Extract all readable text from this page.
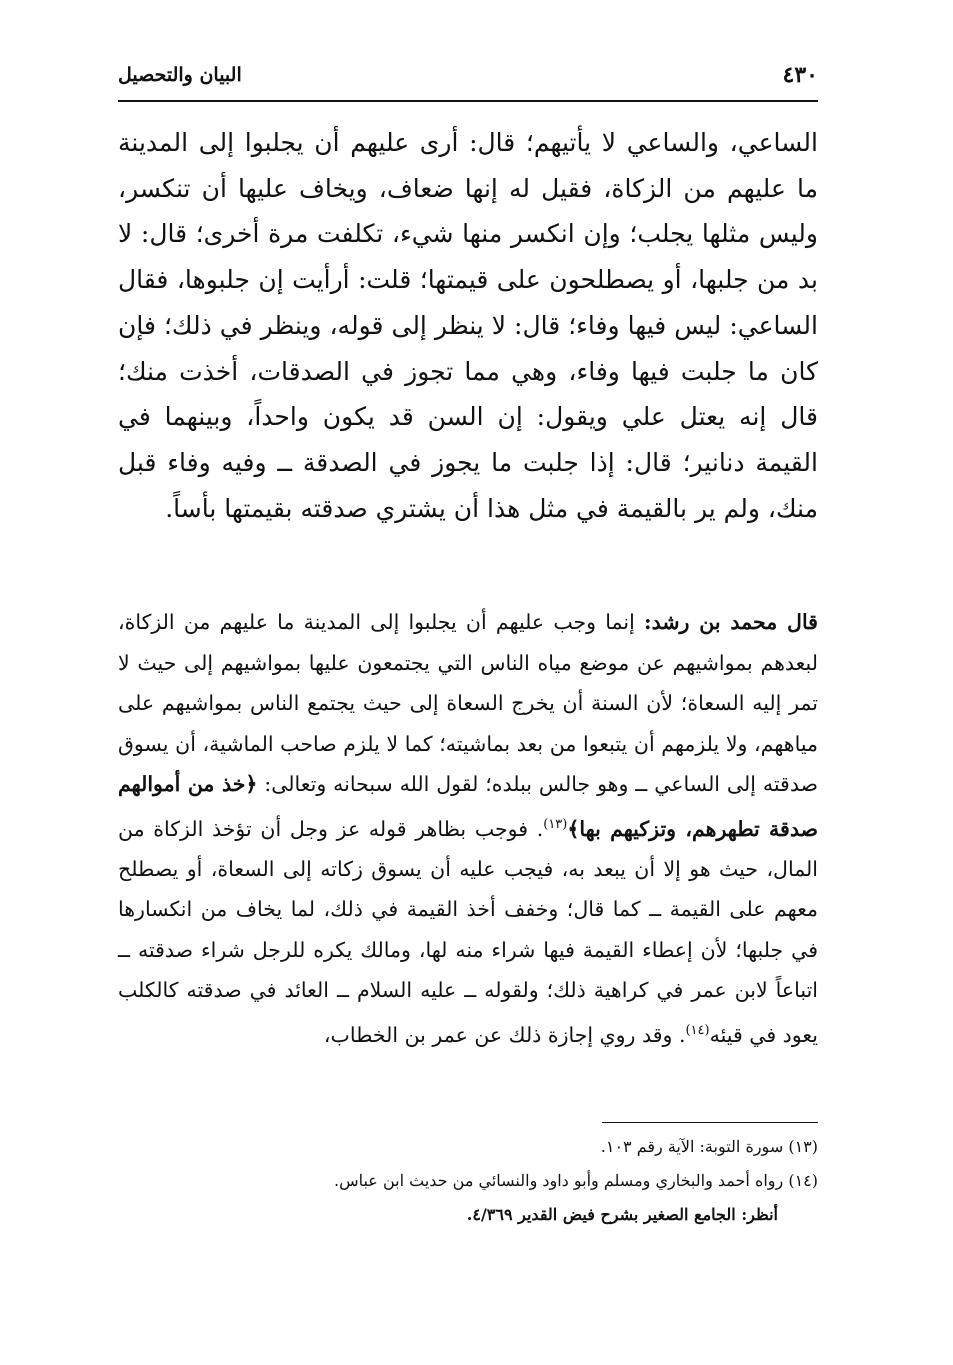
٤٣٠
البيان والتحصيل
الساعي، والساعي لا يأتيهم؛ قال: أرى عليهم أن يجلبوا إلى المدينة ما عليهم من الزكاة، فقيل له إنها ضعاف، ويخاف عليها أن تنكسر، وليس مثلها يجلب؛ وإن انكسر منها شيء، تكلفت مرة أخرى؛ قال: لا بد من جلبها، أو يصطلحون على قيمتها؛ قلت: أرأيت إن جلبوها، فقال الساعي: ليس فيها وفاء؛ قال: لا ينظر إلى قوله، وينظر في ذلك؛ فإن كان ما جلبت فيها وفاء، وهي مما تجوز في الصدقات، أخذت منك؛ قال إنه يعتل علي ويقول: إن السن قد يكون واحداً، وبينهما في القيمة دنانير؛ قال: إذا جلبت ما يجوز في الصدقة ــ وفيه وفاء قبل منك، ولم ير بالقيمة في مثل هذا أن يشتري صدقته بقيمتها بأساً.
قال محمد بن رشد: إنما وجب عليهم أن يجلبوا إلى المدينة ما عليهم من الزكاة، لبعدهم بمواشيهم عن موضع مياه الناس التي يجتمعون عليها بمواشيهم إلى حيث لا تمر إليه السعاة؛ لأن السنة أن يخرج السعاة إلى حيث يجتمع الناس بمواشيهم على مياههم، ولا يلزمهم أن يتبعوا من بعد بماشيته؛ كما لا يلزم صاحب الماشية، أن يسوق صدقته إلى الساعي ــ وهو جالس ببلده؛ لقول الله سبحانه وتعالى: ﴿خذ من أموالهم صدقة تطهرهم، وتزكيهم بها﴾$^{(١٣)}$. فوجب بظاهر قوله عز وجل أن تؤخذ الزكاة من المال، حيث هو إلا أن يبعد به، فيجب عليه أن يسوق زكاته إلى السعاة، أو يصطلح معهم على القيمة ــ كما قال؛ وخفف أخذ القيمة في ذلك، لما يخاف من انكسارها في جلبها؛ لأن إعطاء القيمة فيها شراء منه لها، ومالك يكره للرجل شراء صدقته ــ اتباعاً لابن عمر في كراهية ذلك؛ ولقوله ــ عليه السلام ــ العائد في صدقته كالكلب يعود في قيئه$^{(١٤)}$. وقد روي إجازة ذلك عن عمر بن الخطاب،
(١٣) سورة التوبة: الآية رقم ١٠٣.
(١٤) رواه أحمد والبخاري ومسلم وأبو داود والنسائي من حديث ابن عباس.
أنظر: الجامع الصغير بشرح فيض القدير ٤/٣٦٩.
